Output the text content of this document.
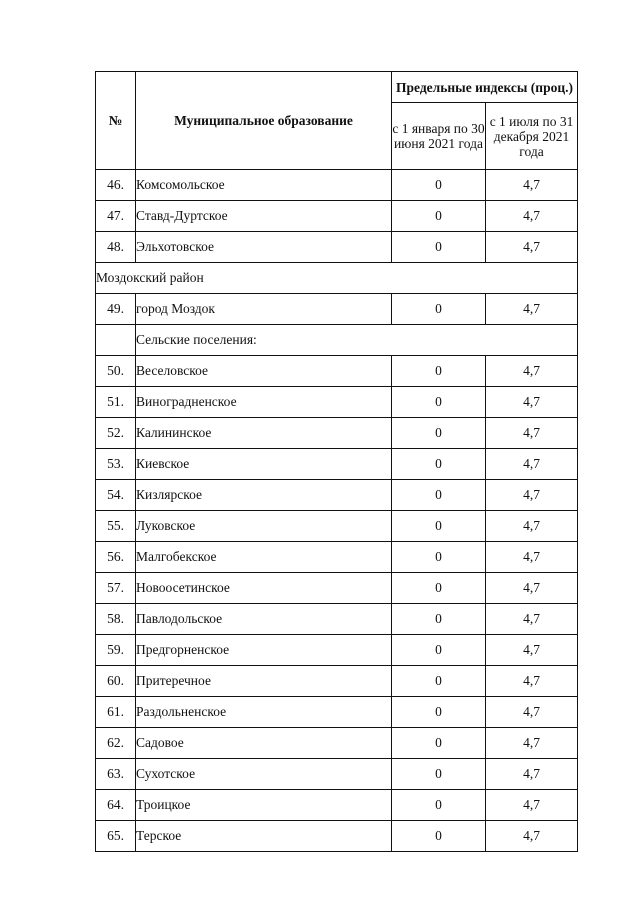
№	Муниципальное образование	Предельные индексы (проц.)	
		с 1 января по 30 июня 2021 года	с 1 июля по 31 декабря 2021 года
46.	Комсомольское	0	4,7
47.	Ставд-Дуртское	0	4,7
48.	Эльхотовское	0	4,7
Моздокский район			
49.	город Моздок	0	4,7
	Сельские поселения:		
50.	Веселовское	0	4,7
51.	Виноградненское	0	4,7
52.	Калининское	0	4,7
53.	Киевское	0	4,7
54.	Кизлярское	0	4,7
55.	Луковское	0	4,7
56.	Малгобекское	0	4,7
57.	Новоосетинское	0	4,7
58.	Павлодольское	0	4,7
59.	Предгорненское	0	4,7
60.	Притеречное	0	4,7
61.	Раздольненское	0	4,7
62.	Садовое	0	4,7
63.	Сухотское	0	4,7
64.	Троицкое	0	4,7
65.	Терское	0	4,7
